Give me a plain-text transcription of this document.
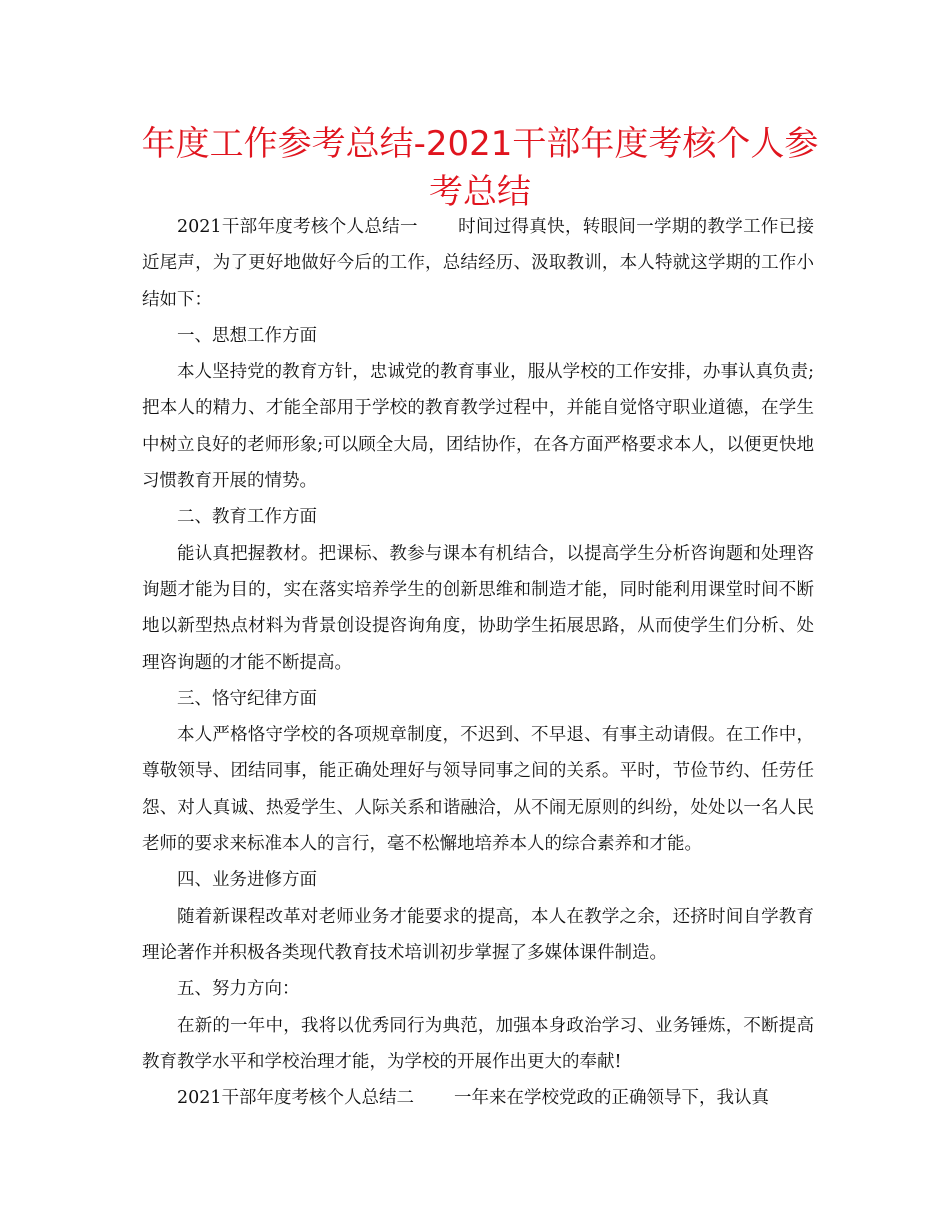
年度工作参考总结-2021干部年度考核个人参考总结

2021干部年度考核个人总结一 时间过得真快，转眼间一学期的教学工作已接近尾声，为了更好地做好今后的工作，总结经历、汲取教训，本人特就这学期的工作小结如下：

一、思想工作方面

本人坚持党的教育方针，忠诚党的教育事业，服从学校的工作安排，办事认真负责;把本人的精力、才能全部用于学校的教育教学过程中，并能自觉恪守职业道德，在学生中树立良好的老师形象;可以顾全大局，团结协作，在各方面严格要求本人，以便更快地习惯教育开展的情势。

二、教育工作方面

能认真把握教材。把课标、教参与课本有机结合，以提高学生分析咨询题和处理咨询题才能为目的，实在落实培养学生的创新思维和制造才能，同时能利用课堂时间不断地以新型热点材料为背景创设提咨询角度，协助学生拓展思路，从而使学生们分析、处理咨询题的才能不断提高。

三、恪守纪律方面

本人严格恪守学校的各项规章制度，不迟到、不早退、有事主动请假。在工作中，尊敬领导、团结同事，能正确处理好与领导同事之间的关系。平时，节俭节约、任劳任怨、对人真诚、热爱学生、人际关系和谐融洽，从不闹无原则的纠纷，处处以一名人民老师的要求来标准本人的言行，毫不松懈地培养本人的综合素养和才能。

四、业务进修方面

随着新课程改革对老师业务才能要求的提高，本人在教学之余，还挤时间自学教育理论著作并积极各类现代教育技术培训初步掌握了多媒体课件制造。

五、努力方向：

在新的一年中，我将以优秀同行为典范，加强本身政治学习、业务锤炼，不断提高教育教学水平和学校治理才能，为学校的开展作出更大的奉献!

2021干部年度考核个人总结二 一年来在学校党政的正确领导下，我认真
